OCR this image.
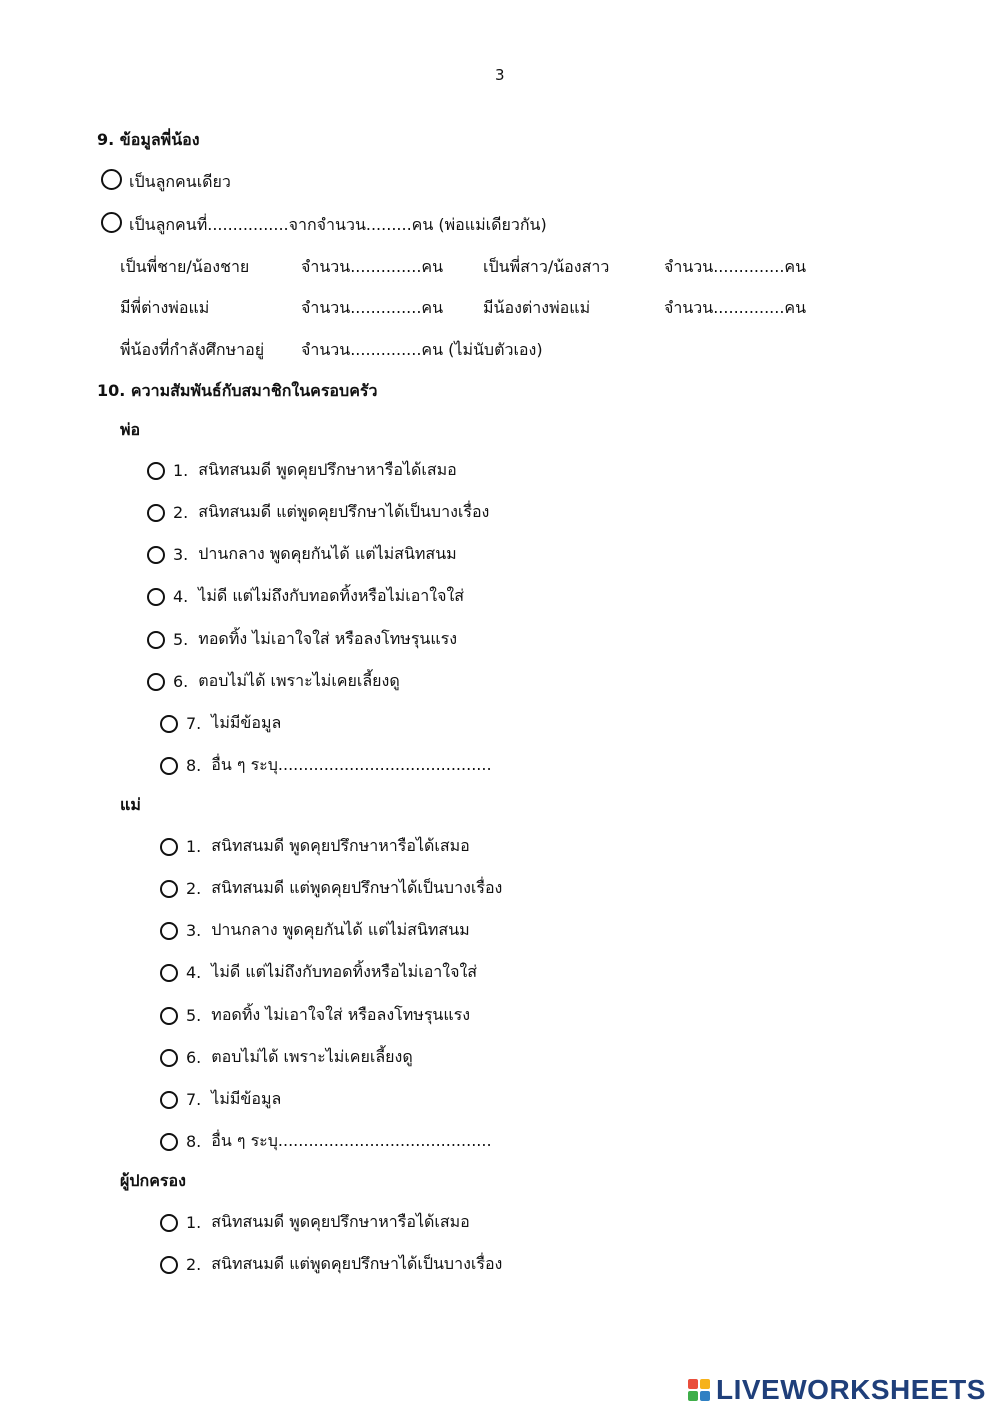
3
9. ข้อมูลพี่น้อง
เป็นลูกคนเดียว
เป็นลูกคนที่................จากจำนวน.........คน (พ่อแม่เดียวกัน)
เป็นพี่ชาย/น้องชาย	จำนวน..............คน เป็นพี่สาว/น้องสาว	จำนวน..............คน
มีพี่ต่างพ่อแม่	จำนวน..............คน มีน้องต่างพ่อแม่	จำนวน..............คน
พี่น้องที่กำลังศึกษาอยู่ จำนวน..............คน (ไม่นับตัวเอง)
10. ความสัมพันธ์กับสมาชิกในครอบครัว
พ่อ
1. สนิทสนมดี พูดคุยปรึกษาหารือได้เสมอ
2. สนิทสนมดี แต่พูดคุยปรึกษาได้เป็นบางเรื่อง
3. ปานกลาง พูดคุยกันได้ แต่ไม่สนิทสนม
4. ไม่ดี แต่ไม่ถึงกับทอดทิ้งหรือไม่เอาใจใส่
5. ทอดทิ้ง ไม่เอาใจใส่ หรือลงโทษรุนแรง
6. ตอบไม่ได้ เพราะไม่เคยเลี้ยงดู
7. ไม่มีข้อมูล
8. อื่น ๆ ระบุ..........................................
แม่
1. สนิทสนมดี พูดคุยปรึกษาหารือได้เสมอ
2. สนิทสนมดี แต่พูดคุยปรึกษาได้เป็นบางเรื่อง
3. ปานกลาง พูดคุยกันได้ แต่ไม่สนิทสนม
4. ไม่ดี แต่ไม่ถึงกับทอดทิ้งหรือไม่เอาใจใส่
5. ทอดทิ้ง ไม่เอาใจใส่ หรือลงโทษรุนแรง
6. ตอบไม่ได้ เพราะไม่เคยเลี้ยงดู
7. ไม่มีข้อมูล
8. อื่น ๆ ระบุ..........................................
ผู้ปกครอง
1. สนิทสนมดี พูดคุยปรึกษาหารือได้เสมอ
2. สนิทสนมดี แต่พูดคุยปรึกษาได้เป็นบางเรื่อง
LIVEWORKSHEETS
